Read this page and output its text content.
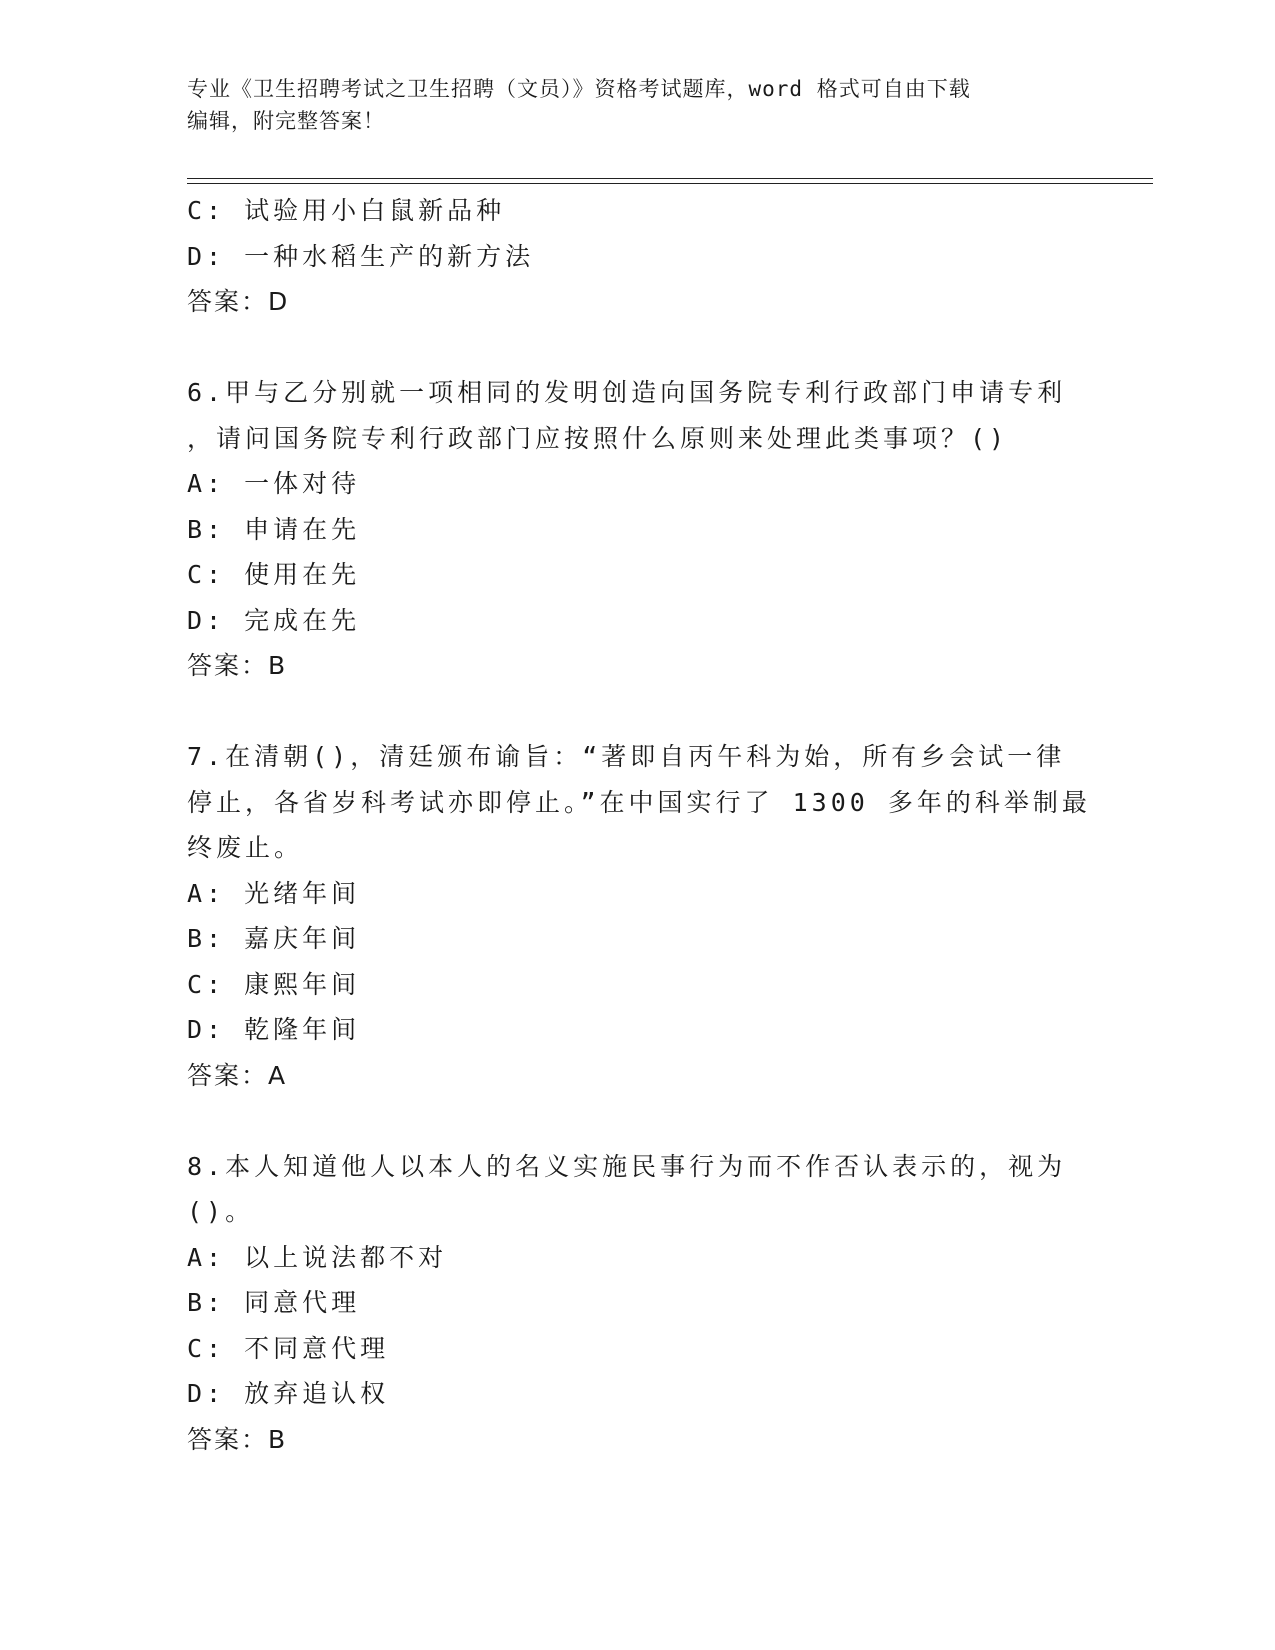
专业《卫生招聘考试之卫生招聘（文员）》资格考试题库，word 格式可自由下载
编辑，附完整答案！
C: 试验用小白鼠新品种
D: 一种水稻生产的新方法
答案：D
6.甲与乙分别就一项相同的发明创造向国务院专利行政部门申请专利
，请问国务院专利行政部门应按照什么原则来处理此类事项？()
A: 一体对待
B: 申请在先
C: 使用在先
D: 完成在先
答案：B
7.在清朝()，清廷颁布谕旨：“著即自丙午科为始，所有乡会试一律
停止，各省岁科考试亦即停止。”在中国实行了 1300 多年的科举制最
终废止。
A: 光绪年间
B: 嘉庆年间
C: 康熙年间
D: 乾隆年间
答案：A
8.本人知道他人以本人的名义实施民事行为而不作否认表示的，视为
()。
A: 以上说法都不对
B: 同意代理
C: 不同意代理
D: 放弃追认权
答案：B
